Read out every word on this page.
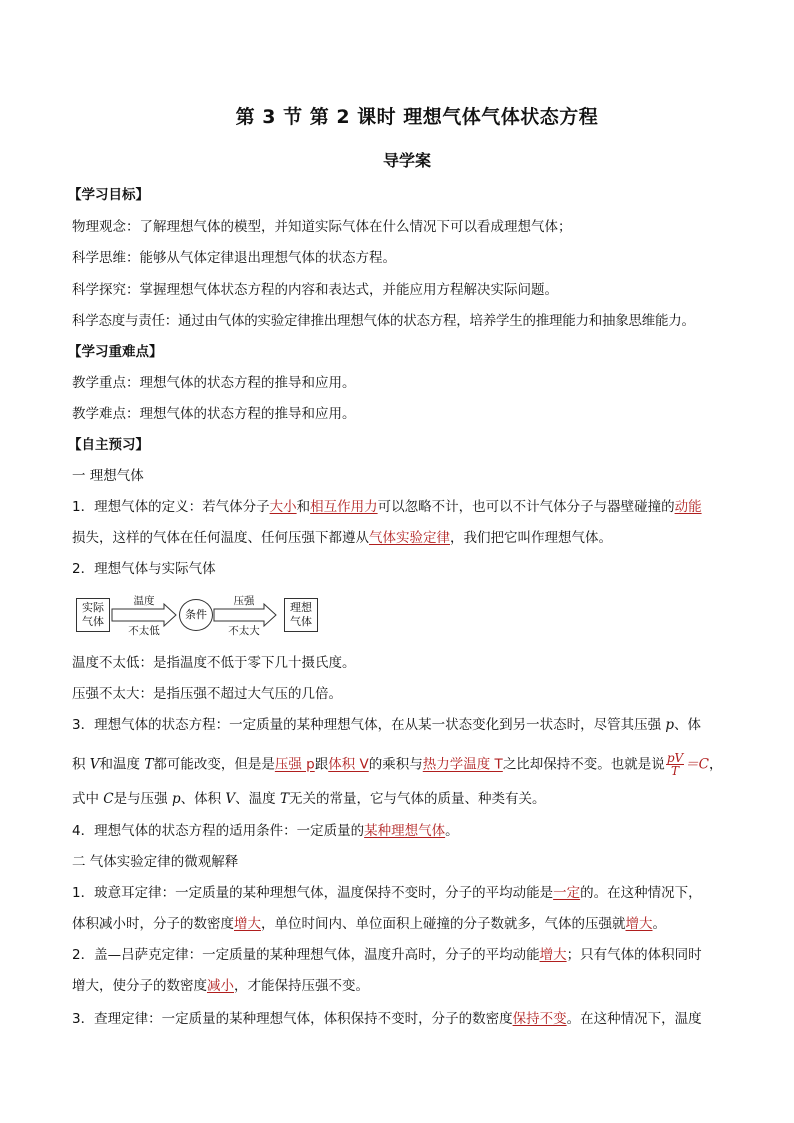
第 3 节 第 2 课时 理想气体气体状态方程
导学案
【学习目标】
物理观念：了解理想气体的模型，并知道实际气体在什么情况下可以看成理想气体；
科学思维：能够从气体定律退出理想气体的状态方程。
科学探究：掌握理想气体状态方程的内容和表达式，并能应用方程解决实际问题。
科学态度与责任：通过由气体的实验定律推出理想气体的状态方程，培养学生的推理能力和抽象思维能力。
【学习重难点】
教学重点：理想气体的状态方程的推导和应用。
教学难点：理想气体的状态方程的推导和应用。
【自主预习】
一 理想气体
1．理想气体的定义：若气体分子大小和相互作用力可以忽略不计，也可以不计气体分子与器壁碰撞的动能
损失，这样的气体在任何温度、任何压强下都遵从气体实验定律，我们把它叫作理想气体。
2．理想气体与实际气体
实际
气体
温度
不太低
条件
压强
不太大
理想
气体
温度不太低：是指温度不低于零下几十摄氏度。
压强不太大：是指压强不超过大气压的几倍。
3．理想气体的状态方程：一定质量的某种理想气体，在从某一状态变化到另一状态时，尽管其压强 p、体
积 V和温度 T都可能改变，但是是压强 p跟体积 V的乘积与热力学温度 T之比却保持不变。也就是说 $\frac{pV}{T} =C$，
式中 C是与压强 p、体积 V、温度 T无关的常量，它与气体的质量、种类有关。
4．理想气体的状态方程的适用条件：一定质量的某种理想气体。
二 气体实验定律的微观解释
1．玻意耳定律：一定质量的某种理想气体，温度保持不变时，分子的平均动能是一定的。在这种情况下，
体积减小时，分子的数密度增大，单位时间内、单位面积上碰撞的分子数就多，气体的压强就增大。
2．盖—吕萨克定律：一定质量的某种理想气体，温度升高时，分子的平均动能增大；只有气体的体积同时
增大，使分子的数密度减小，才能保持压强不变。
3．查理定律：一定质量的某种理想气体，体积保持不变时，分子的数密度保持不变。在这种情况下，温度
